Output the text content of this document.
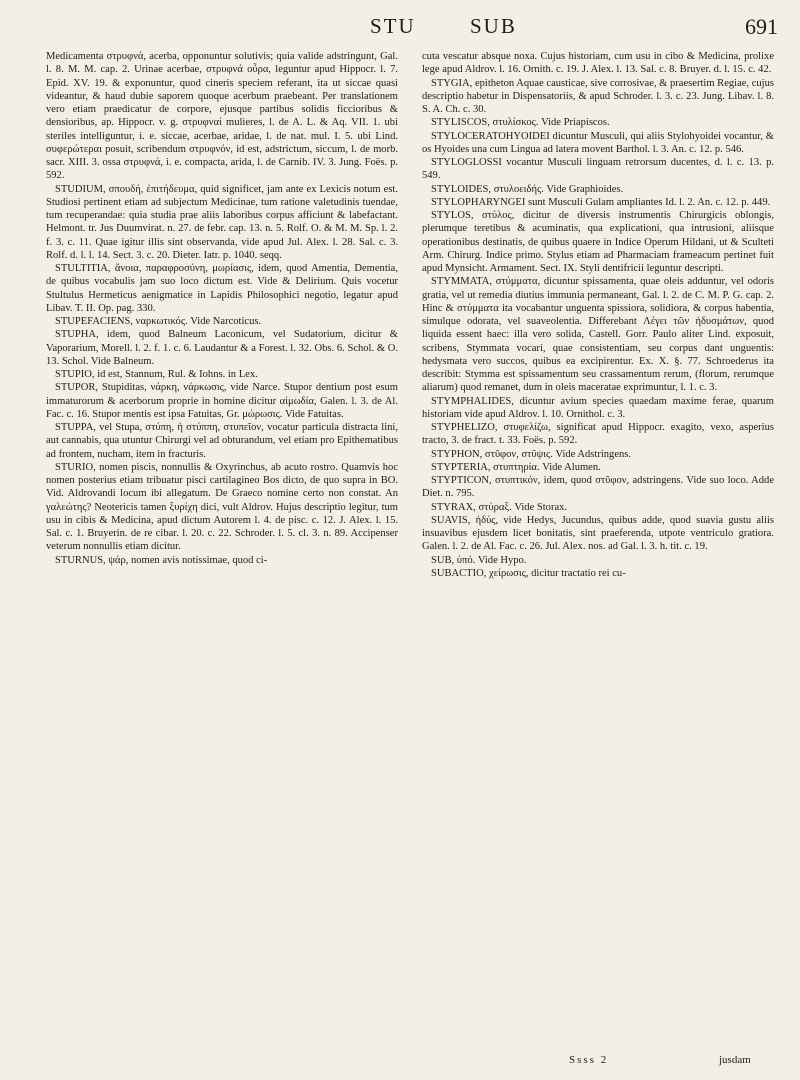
STU	SUB	691

Medicamenta στρυφνά, acerba, opponuntur solutivis; quia valide adstringunt, Gal. l. 8. M. M. cap. 2. Urinae acerbae, στρυφνά οὖρα, leguntur apud Hippocr. l. 7. Epid. XV. 19. & exponuntur, quod cineris speciem referant, ita ut siccae quasi videantur, & haud dubie saporem quoque acerbum praebeant. Per translationem vero etiam praedicatur de corpore, ejusque partibus solidis ficcioribus & densioribus, ap. Hippocr. v. g. στρυφναί mulieres, l. de A. L. & Aq. VII. 1. ubi steriles intelliguntur, i. e. siccae, acerbae, aridae, l. de nat. mul. I. 5. ubi Lind. συφερώτεραι posuit, scribendum στρυφνόν, id est, adstrictum, siccum, l. de morb. sacr. XIII. 3. ossa στρυφνά, i. e. compacta, arida, l. de Carnib. IV. 3. Jung. Foës. p. 592.

STUDIUM, σπουδή, ἐπιτήδευμα, quid significet, jam ante ex Lexicis notum est. Studiosi pertinent etiam ad subjectum Medicinae, tum ratione valetudinis tuendae, tum recuperandae: quia studia prae aliis laboribus corpus afficiunt & labefactant. Helmont. tr. Jus Duumvirat. n. 27. de febr. cap. 13. n. 5. Rolf. O. & M. M. Sp. l. 2. f. 3. c. 11. Quae igitur illis sint observanda, vide apud Jul. Alex. l. 28. Sal. c. 3. Rolf. d. l. l. 14. Sect. 3. c. 20. Dieter. Iatr. p. 1040. seqq.

STULTITIA, ἄνοια, παραφροσύνη, μωρίασις, idem, quod Amentia, Dementia, de quibus vocabulis jam suo loco dictum est. Vide & Delirium. Quis vocetur Stultulus Hermeticus aenigmatice in Lapidis Philosophici negotio, legatur apud Libav. T. II. Op. pag. 330.

STUPEFACIENS, ναρκωτικός. Vide Narcoticus.

STUPHA, idem, quod Balneum Laconicum, vel Sudatorium, dicitur & Vaporarium, Morell. l. 2. f. 1. c. 6. Laudantur & a Forest. l. 32. Obs. 6. Schol. & O. 13. Schol. Vide Balneum.

STUPIO, id est, Stannum, Rul. & Iohns. in Lex.

STUPOR, Stupiditas, νάρκη, νάρκωσις, vide Narce. Stupor dentium post esum immaturorum & acerborum proprie in homine dicitur αἱμωδία, Galen. l. 3. de Al. Fac. c. 16. Stupor mentis est ipsa Fatuitas, Gr. μώρωσις. Vide Fatuitas.

STUPPA, vel Stupa, στύπη, ἡ στύππη, στυπεῖον, vocatur particula distracta lini, aut cannabis, qua utuntur Chirurgi vel ad obturandum, vel etiam pro Epithematibus ad frontem, nucham, item in fracturis.

STURIO, nomen piscis, nonnullis & Oxyrinchus, ab acuto rostro. Quamvis hoc nomen posterius etiam tribuatur pisci cartilagineo Bos dicto, de quo supra in BO. Vid. Aldrovandi locum ibi allegatum. De Graeco nomine certo non constat. An γαλεώτης? Neotericis tamen ξυρίχη dici, vult Aldrov. Hujus descriptio legitur, tum usu in cibis & Medicina, apud dictum Autorem l. 4. de pisc. c. 12. J. Alex. l. 15. Sal. c. 1. Bruyerin. de re cibar. l. 20. c. 22. Schroder. l. 5. cl. 3. n. 89. Accipenser veterum nonnullis etiam dicitur.

STURNUS, ψάρ, nomen avis notissimae, quod ci-

cuta vescatur absque noxa. Cujus historiam, cum usu in cibo & Medicina, prolixe lege apud Aldrov. l. 16. Ornith. c. 19. J. Alex. l. 13. Sal. c. 8. Bruyer. d. l. 15. c. 42.

STYGIA, epitheton Aquae causticae, sive corrosivae, & praesertim Regiae, cujus descriptio habetur in Dispensatoriis, & apud Schroder. l. 3. c. 23. Jung. Libav. l. 8. S. A. Ch. c. 30.

STYLISCOS, στυλίσκος. Vide Priapiscos.

STYLOCERATOHYOIDEI dicuntur Musculi, qui aliis Stylohyoidei vocantur, & os Hyoides una cum Lingua ad latera movent Barthol. l. 3. An. c. 12. p. 546.

STYLOGLOSSI vocantur Musculi linguam retrorsum ducentes, d. l. c. 13. p. 549.

STYLOIDES, στυλοειδής. Vide Graphioides.

STYLOPHARYNGEI sunt Musculi Gulam ampliantes Id. l. 2. An. c. 12. p. 449.

STYLOS, στύλος, dicitur de diversis instrumentis Chirurgicis oblongis, plerumque teretibus & acuminatis, qua explicationi, qua intrusioni, aliisque operationibus destinatis, de quibus quaere in Indice Operum Hildani, ut & Sculteti Arm. Chirurg. Indice primo. Stylus etiam ad Pharmaciam frameacum pertinet fuit apud Mynsicht. Armament. Sect. IX. Styli dentifricii leguntur descripti.

STYMMATA, στύμματα, dicuntur spissamenta, quae oleis adduntur, vel odoris gratia, vel ut remedia diutius immunia permaneant, Gal. l. 2. de C. M. P. G. cap. 2. Hinc & στύμματα ita vocabantur unguenta spissiora, solidiora, & corpus habentia, simulque odorata, vel suaveolentia. Differebant Λέγει τῶν ἡδυσμάτων, quod liquida essent haec: illa vero solida, Castell. Gorr. Paulo aliter Lind. exposuit, scribens, Stymmata vocari, quae consistentiam, seu corpus dant unguentis: hedysmata vero succos, quibus ea excipirentur. Ex. X. §. 77. Schroederus ita describit: Stymma est spissamentum seu crassamentum rerum, (florum, rerumque aliarum) quod remanet, dum in oleis maceratae exprimuntur, l. 1. c. 3.

STYMPHALIDES, dicuntur avium species quaedam maxime ferae, quarum historiam vide apud Aldrov. l. 10. Ornithol. c. 3.

STYPHELIZO, στυφελίζω, significat apud Hippocr. exagito, vexo, asperius tracto, 3. de fract. t. 33. Foës. p. 592.

STYPHON, στῦφον, στῦψις. Vide Adstringens.

STYPTERIA, στυπτηρία. Vide Alumen.

STYPTICON, στυπτικόν, idem, quod στῦφον, adstringens. Vide suo loco. Adde Diet. n. 795.

STYRAX, στύραξ. Vide Storax.

SUAVIS, ἡδύς, vide Hedys, Jucundus, quibus adde, quod suavia gustu aliis insuavibus ejusdem licet bonitatis, sint praeferenda, utpote ventriculo gratiora. Galen. l. 2. de Al. Fac. c. 26. Jul. Alex. nos. ad Gal. l. 3. h. tit. c. 19.

SUB, ὑπό. Vide Hypo.

SUBACTIO, χείρωσις, dicitur tractatio rei cu-

Ssss 2	jusdam
